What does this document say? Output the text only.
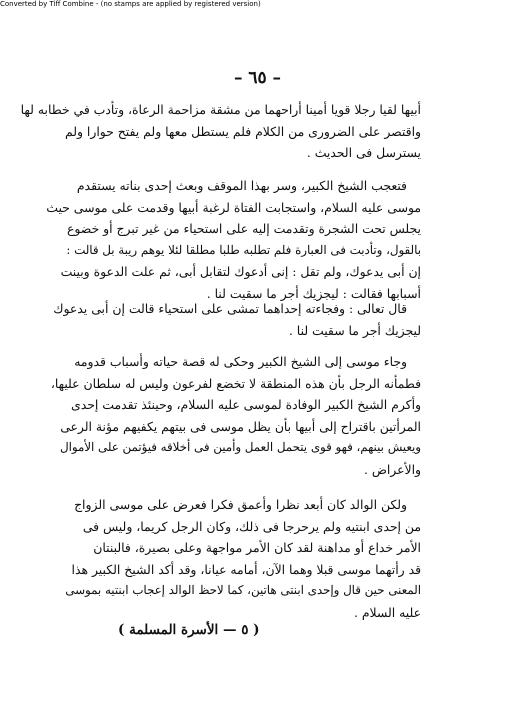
Converted by Tiff Combine - (no stamps are applied by registered version)
– ٦٥ –
أبيها لقيا رجلا قويا أمينا أراحهما من مشقة مزاحمة الرعاة، وتأدب في خطابه لها
واقتصر على الضرورى من الكلام فلم يستطل معها ولم يفتح حوارا ولم
يسترسل فى الحديث .
فتعجب الشيخ الكبير، وسر بهذا الموقف وبعث إحدى بناته يستقدم
موسى عليه السلام، واستجابت الفتاة لرغبة أبيها وقدمت على موسى حيث
يجلس تحت الشجرة وتقدمت إليه على استحياء من غير تبرج أو خضوع
بالقول، وتأدبت فى العبارة فلم تطلبه طلبا مطلقا لئلا يوهم ريبة بل قالت :
إن أبى يدعوك، ولم تقل : إنى أدعوك لتقابل أبى، ثم علت الدعوة وبينت
أسبابها فقالت : ليجزيك أجر ما سقيت لنا .
قال تعالى : وفجاءته إحداهما تمشى على استحياء قالت إن أبى يدعوك
ليجزيك أجر ما سقيت لنا .
وجاء موسى إلى الشيخ الكبير وحكى له قصة حياته وأسباب قدومه
فطمأنه الرجل بأن هذه المنطقة لا تخضع لفرعون وليس له سلطان عليها،
وأكرم الشيخ الكبير الوفادة لموسى عليه السلام، وحينئذ تقدمت إحدى
المرأتين باقتراح إلى أبيها بأن يظل موسى فى بيتهم يكفيهم مؤنة الرعى
ويعيش بينهم، فهو قوى يتحمل العمل وأمين فى أخلاقه فيؤتمن على الأموال
والأعراض .
ولكن الوالد كان أبعد نظرا وأعمق فكرا فعرض على موسى الزواج
من إحدى ابنتيه ولم يرحرجا فى ذلك، وكان الرجل كريما، وليس فى
الأمر خداع أو مداهنة لقد كان الأمر مواجهة وعلى بصيرة، فالبنتان
قد رأتهما موسى قبلا وهما الآن، أمامه عيانا، وقد أكد الشيخ الكبير هذا
المعنى حين قال وإحدى ابنتى هاتين، كما لاحظ الوالد إعجاب ابنتيه بموسى
عليه السلام .
( ٥ — الأسرة المسلمة )
